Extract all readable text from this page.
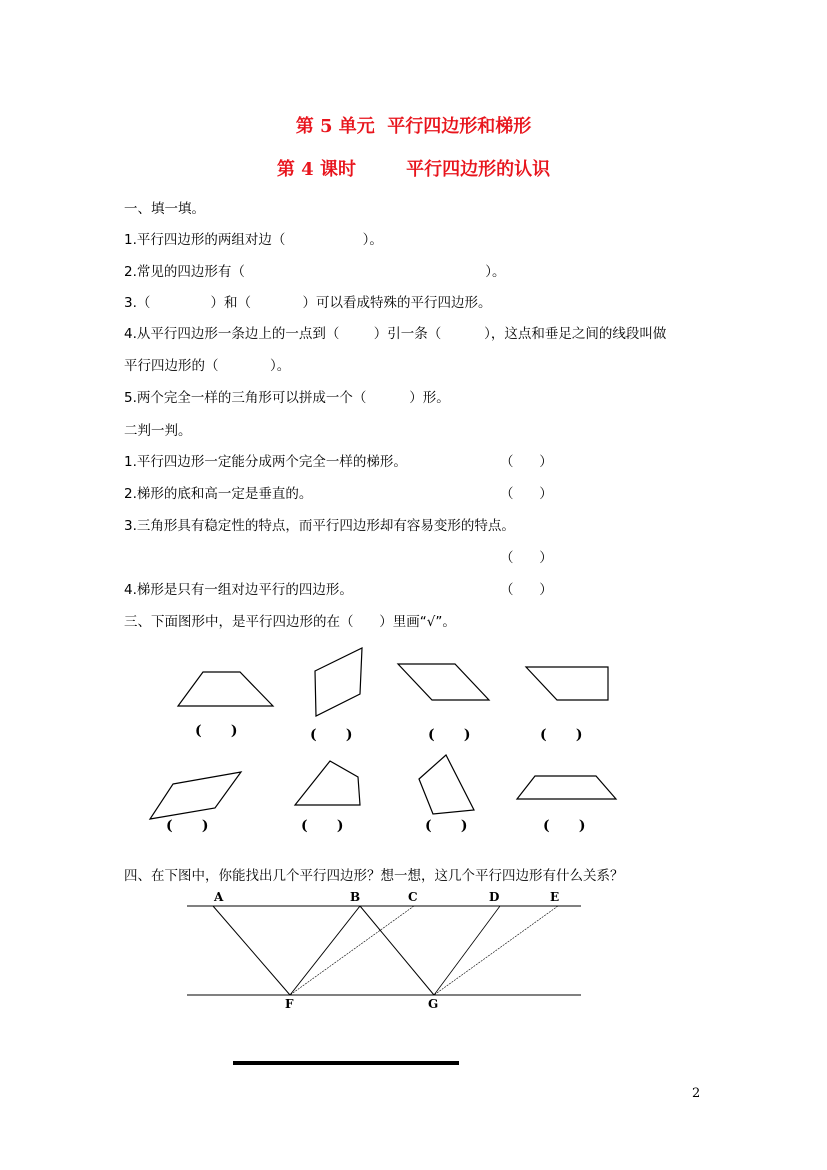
第 5 单元  平行四边形和梯形
第 4 课时        平行四边形的认识
一、填一填。
1.平行四边形的两组对边（                  ）。
2.常见的四边形有（                                                        ）。
3.（              ）和（            ）可以看成特殊的平行四边形。
4.从平行四边形一条边上的一点到（        ）引一条（          ），这点和垂足之间的线段叫做
平行四边形的（            ）。
5.两个完全一样的三角形可以拼成一个（          ）形。
二判一判。
1.平行四边形一定能分成两个完全一样的梯形。	（      ）
2.梯形的底和高一定是垂直的。	（      ）
3.三角形具有稳定性的特点，而平行四边形却有容易变形的特点。
（      ）
4.梯形是只有一组对边平行的四边形。	（      ）
三、下面图形中，是平行四边形的在（      ）里画“√”。
A	B	C	D	E
F	G
(      )	(      )	(      )	(      )
(      )	(      )	(      )	(      )
四、在下图中，你能找出几个平行四边形？想一想，这几个平行四边形有什么关系？
2
